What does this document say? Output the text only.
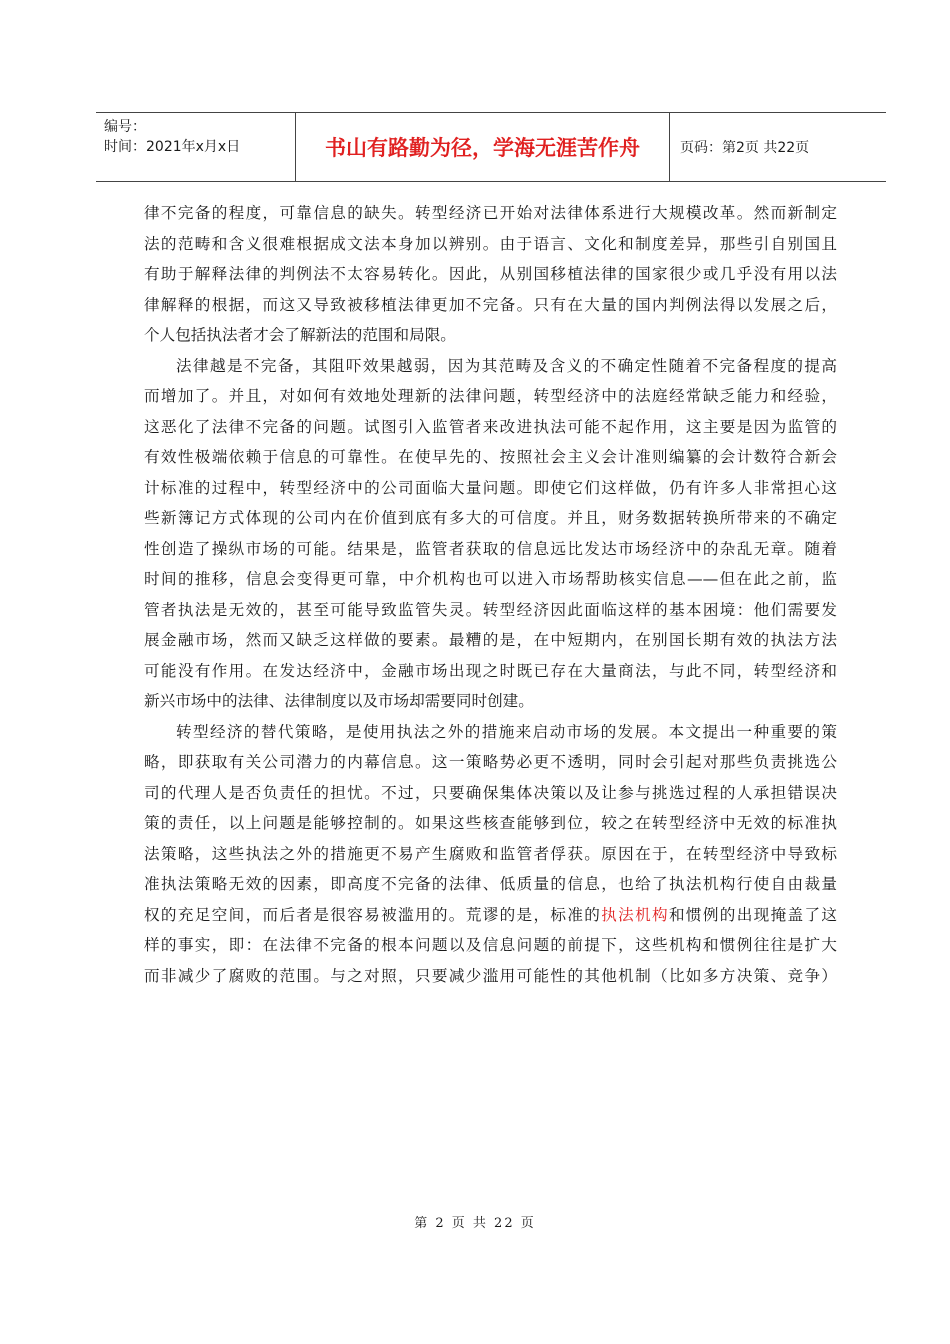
编号：
时间：2021年x月x日	书山有路勤为径，学海无涯苦作舟	页码：第2页 共22页

律不完备的程度，可靠信息的缺失。转型经济已开始对法律体系进行大规模改革。然而新制定
法的范畴和含义很难根据成文法本身加以辨别。由于语言、文化和制度差异，那些引自别国且
有助于解释法律的判例法不太容易转化。因此，从别国移植法律的国家很少或几乎没有用以法
律解释的根据，而这又导致被移植法律更加不完备。只有在大量的国内判例法得以发展之后，
个人包括执法者才会了解新法的范围和局限。

法律越是不完备，其阻吓效果越弱，因为其范畴及含义的不确定性随着不完备程度的提高
而增加了。并且，对如何有效地处理新的法律问题，转型经济中的法庭经常缺乏能力和经验，
这恶化了法律不完备的问题。试图引入监管者来改进执法可能不起作用，这主要是因为监管的
有效性极端依赖于信息的可靠性。在使早先的、按照社会主义会计准则编纂的会计数符合新会
计标准的过程中，转型经济中的公司面临大量问题。即使它们这样做，仍有许多人非常担心这
些新簿记方式体现的公司内在价值到底有多大的可信度。并且，财务数据转换所带来的不确定
性创造了操纵市场的可能。结果是，监管者获取的信息远比发达市场经济中的杂乱无章。随着
时间的推移，信息会变得更可靠，中介机构也可以进入市场帮助核实信息——但在此之前，监
管者执法是无效的，甚至可能导致监管失灵。转型经济因此面临这样的基本困境：他们需要发
展金融市场，然而又缺乏这样做的要素。最糟的是，在中短期内，在别国长期有效的执法方法
可能没有作用。在发达经济中，金融市场出现之时既已存在大量商法，与此不同，转型经济和
新兴市场中的法律、法律制度以及市场却需要同时创建。

转型经济的替代策略，是使用执法之外的措施来启动市场的发展。本文提出一种重要的策
略，即获取有关公司潜力的内幕信息。这一策略势必更不透明，同时会引起对那些负责挑选公
司的代理人是否负责任的担忧。不过，只要确保集体决策以及让参与挑选过程的人承担错误决
策的责任，以上问题是能够控制的。如果这些核查能够到位，较之在转型经济中无效的标准执
法策略，这些执法之外的措施更不易产生腐败和监管者俘获。原因在于，在转型经济中导致标
准执法策略无效的因素，即高度不完备的法律、低质量的信息，也给了执法机构行使自由裁量
权的充足空间，而后者是很容易被滥用的。荒谬的是，标准的执法机构和惯例的出现掩盖了这
样的事实，即：在法律不完备的根本问题以及信息问题的前提下，这些机构和惯例往往是扩大
而非减少了腐败的范围。与之对照，只要减少滥用可能性的其他机制（比如多方决策、竞争）

第 2 页 共 22 页
